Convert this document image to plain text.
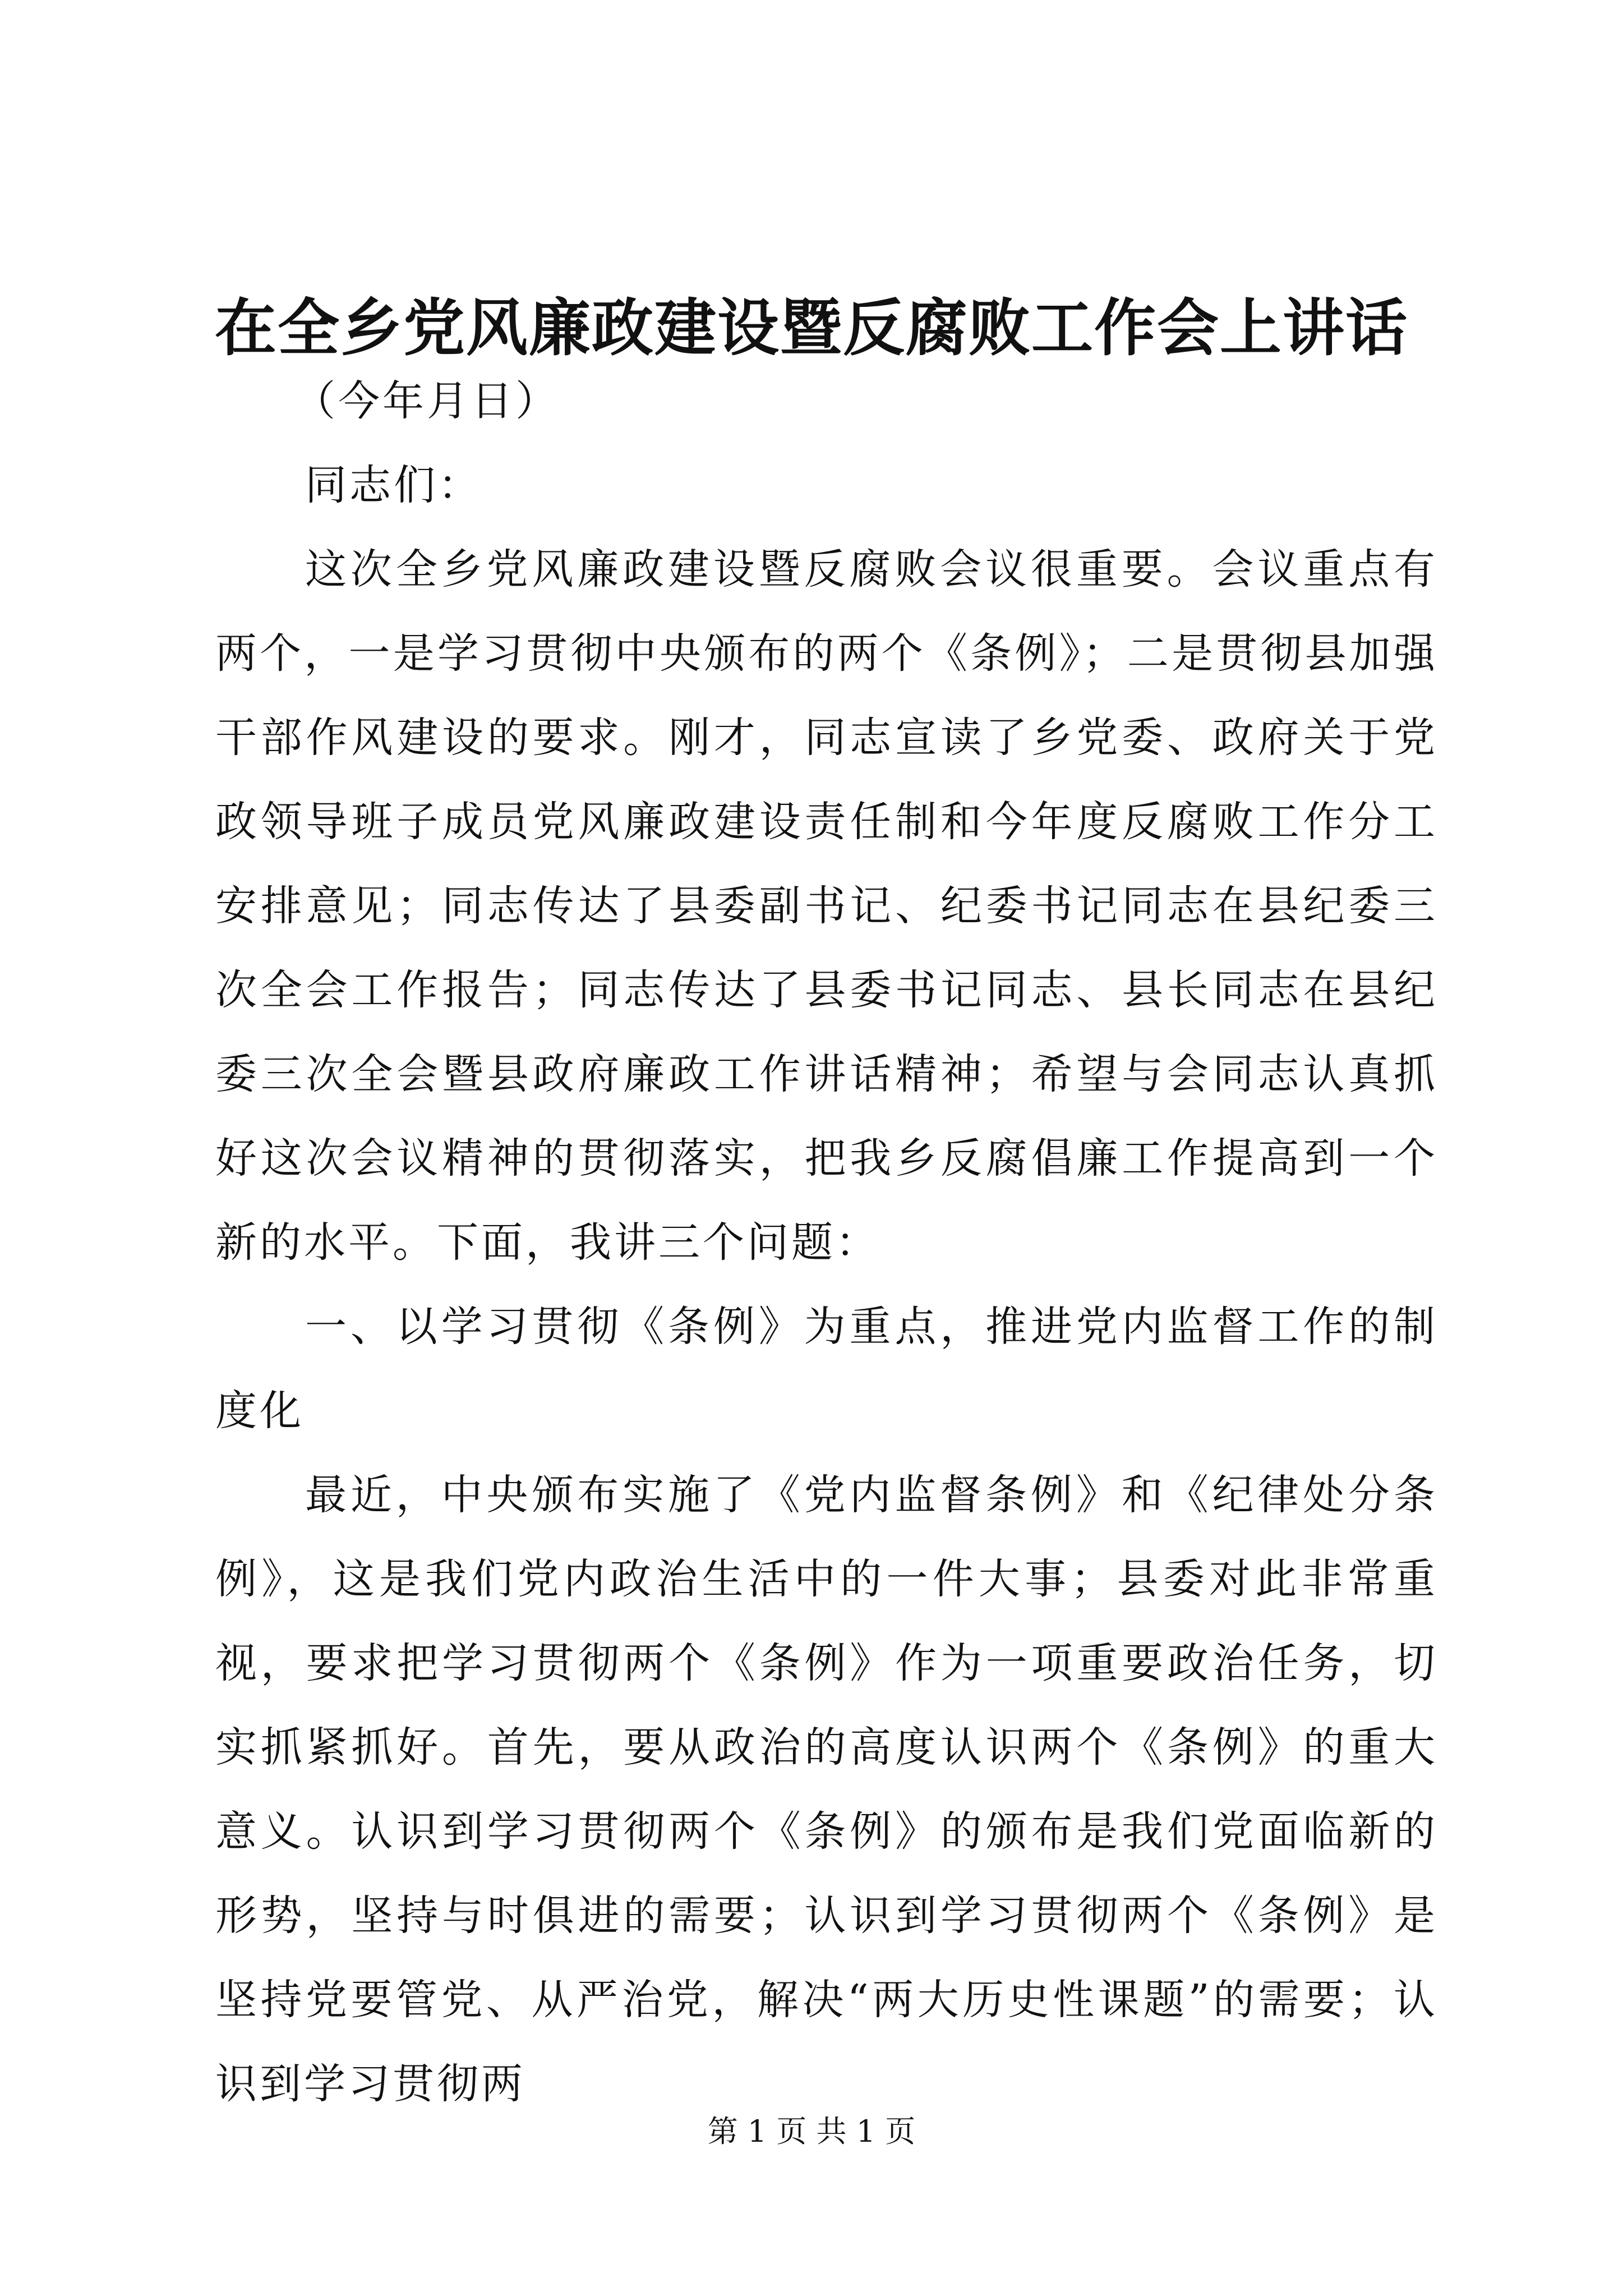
在全乡党风廉政建设暨反腐败工作会上讲话

（今年月日）

同志们：

这次全乡党风廉政建设暨反腐败会议很重要。会议重点有两个，一是学习贯彻中央颁布的两个《条例》；二是贯彻县加强干部作风建设的要求。刚才，同志宣读了乡党委、政府关于党政领导班子成员党风廉政建设责任制和今年度反腐败工作分工安排意见；同志传达了县委副书记、纪委书记同志在县纪委三次全会工作报告；同志传达了县委书记同志、县长同志在县纪委三次全会暨县政府廉政工作讲话精神；希望与会同志认真抓好这次会议精神的贯彻落实，把我乡反腐倡廉工作提高到一个新的水平。下面，我讲三个问题：

一、以学习贯彻《条例》为重点，推进党内监督工作的制度化

最近，中央颁布实施了《党内监督条例》和《纪律处分条例》，这是我们党内政治生活中的一件大事；县委对此非常重视，要求把学习贯彻两个《条例》作为一项重要政治任务，切实抓紧抓好。首先，要从政治的高度认识两个《条例》的重大意义。认识到学习贯彻两个《条例》的颁布是我们党面临新的形势，坚持与时俱进的需要；认识到学习贯彻两个《条例》是坚持党要管党、从严治党，解决“两大历史性课题”的需要；认识到学习贯彻两

第 1 页 共 1 页
